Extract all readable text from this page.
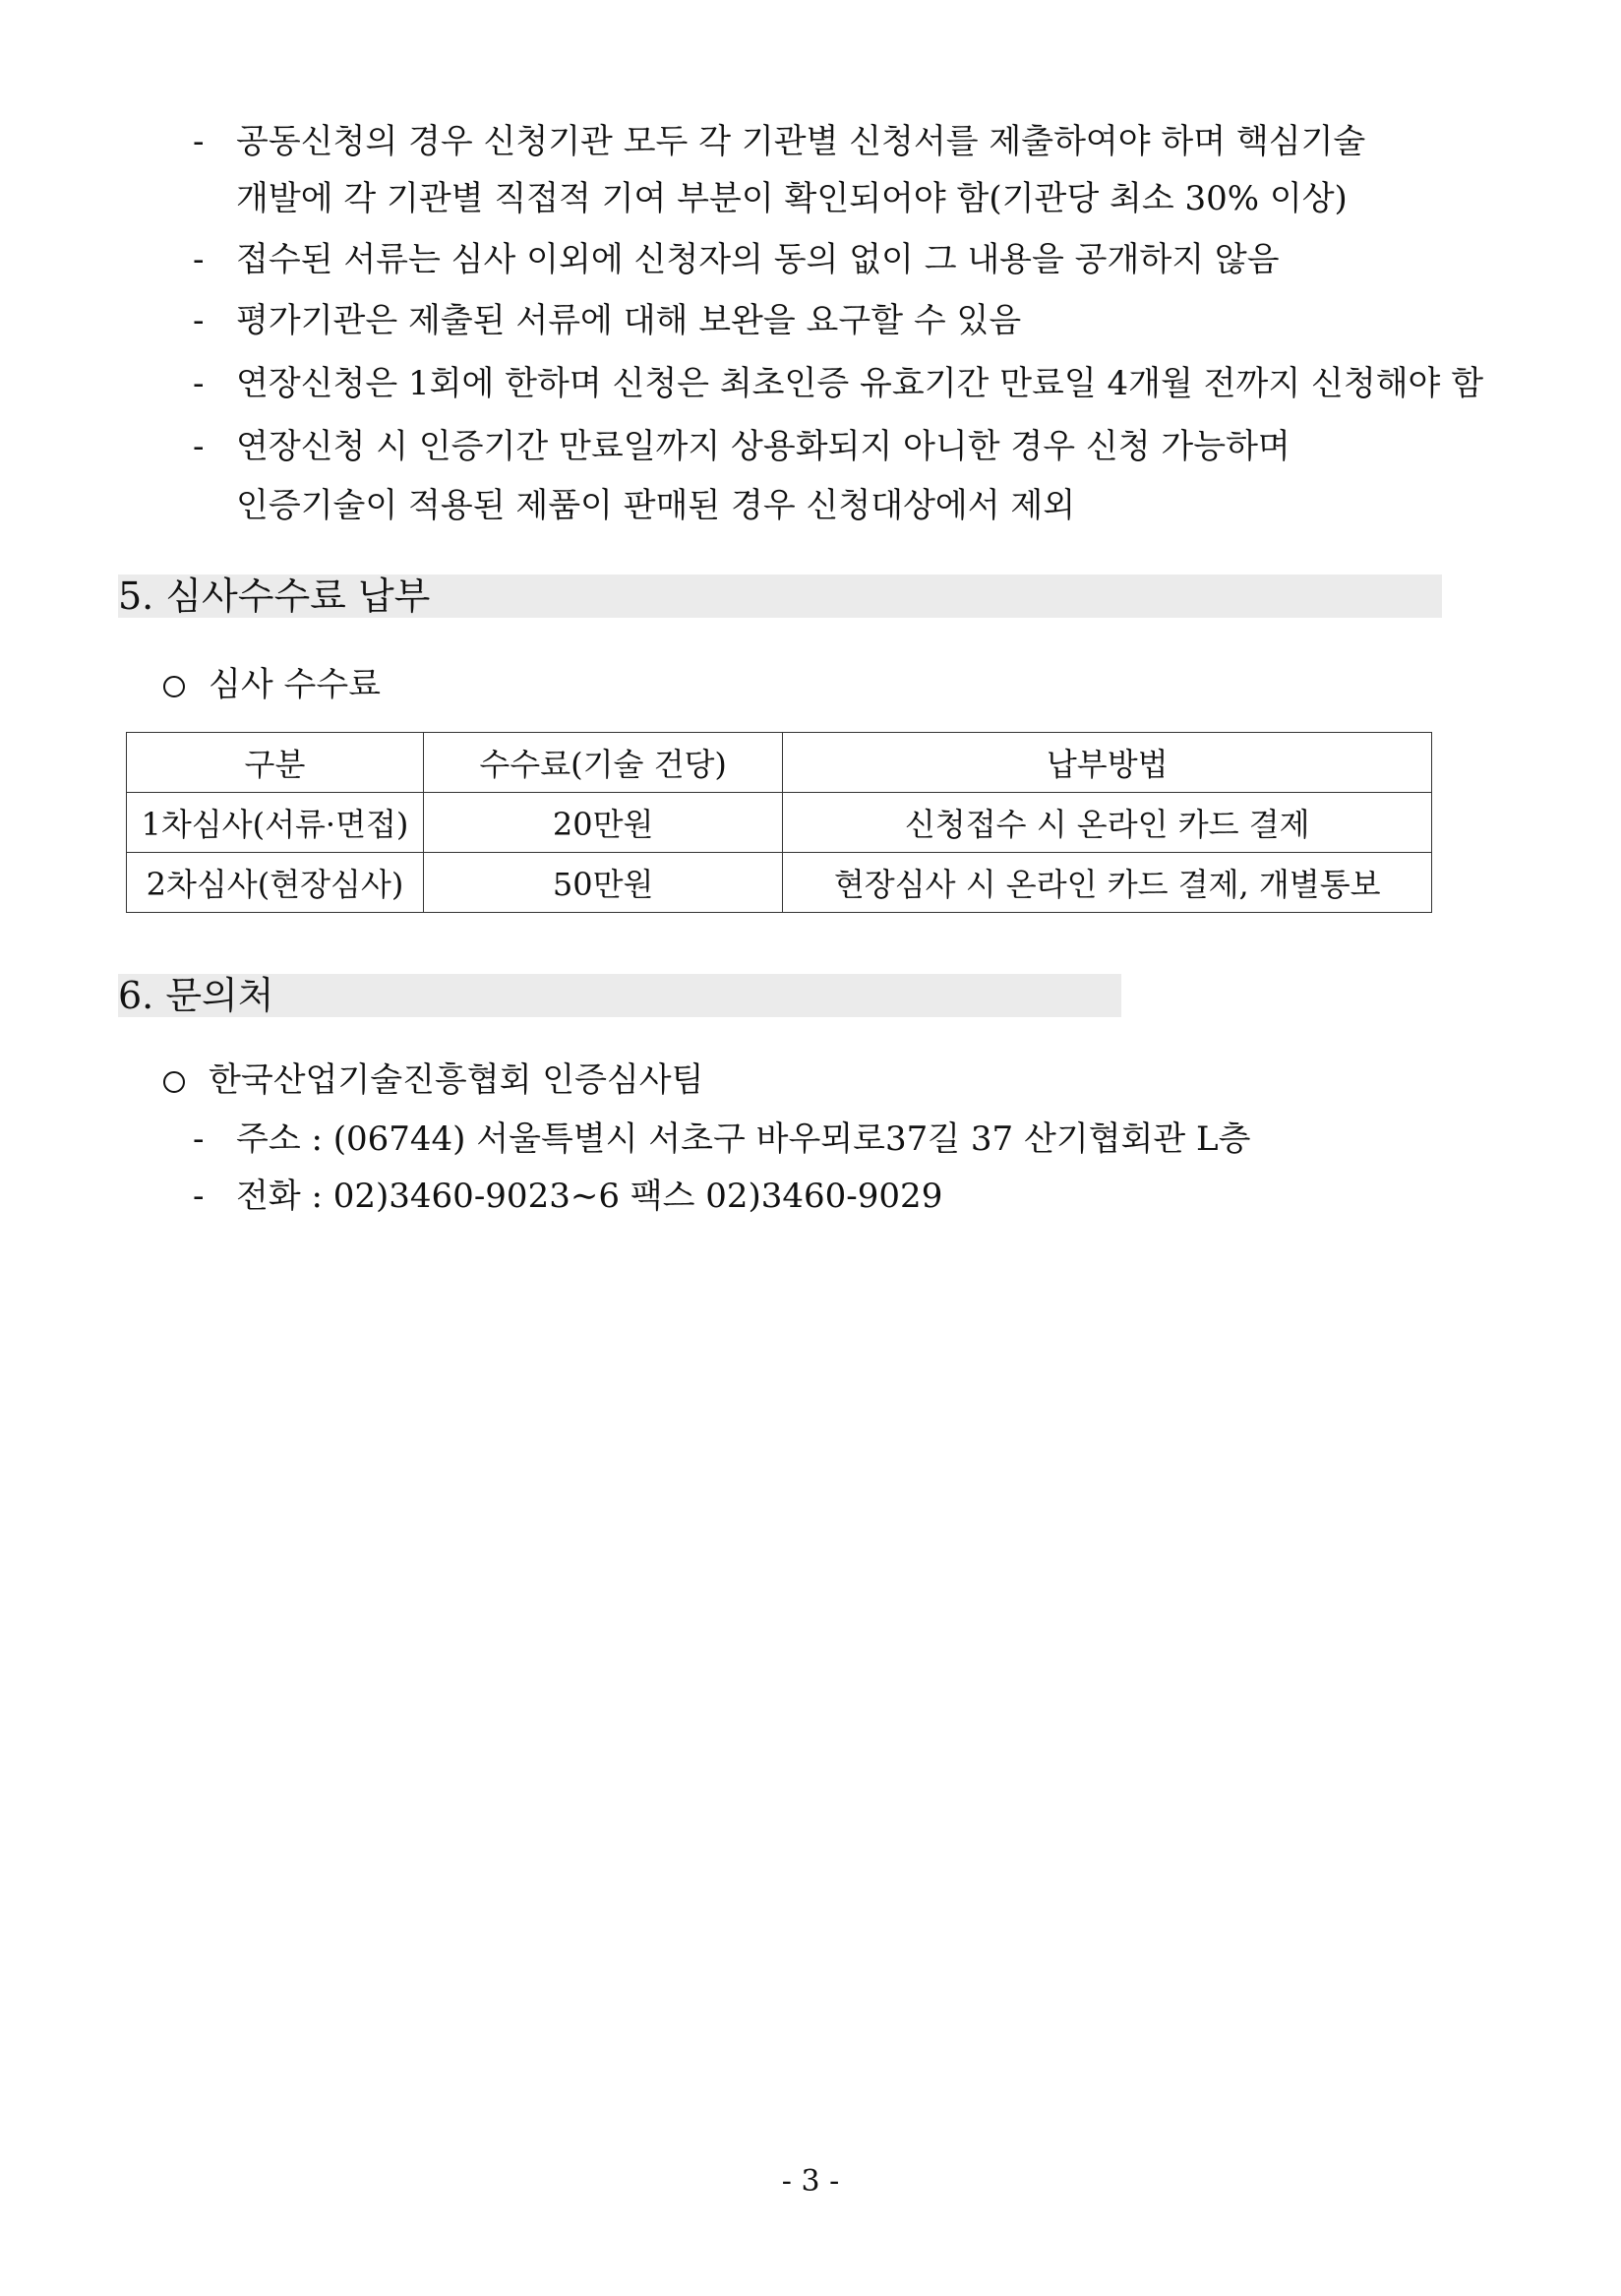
- 공동신청의 경우 신청기관 모두 각 기관별 신청서를 제출하여야 하며 핵심기술
개발에 각 기관별 직접적 기여 부분이 확인되어야 함(기관당 최소 30% 이상)
- 접수된 서류는 심사 이외에 신청자의 동의 없이 그 내용을 공개하지 않음
- 평가기관은 제출된 서류에 대해 보완을 요구할 수 있음
- 연장신청은 1회에 한하며 신청은 최초인증 유효기간 만료일 4개월 전까지 신청해야 함
- 연장신청 시 인증기간 만료일까지 상용화되지 아니한 경우 신청 가능하며
인증기술이 적용된 제품이 판매된 경우 신청대상에서 제외
5. 심사수수료 납부
심사 수수료
구분	수수료(기술 건당)	납부방법
1차심사(서류·면접)	20만원	신청접수 시 온라인 카드 결제
2차심사(현장심사)	50만원	현장심사 시 온라인 카드 결제, 개별통보
6. 문의처
한국산업기술진흥협회 인증심사팀
- 주소 : (06744) 서울특별시 서초구 바우뫼로37길 37 산기협회관 L층
- 전화 : 02)3460-9023∼6 팩스 02)3460-9029
- 3 -
